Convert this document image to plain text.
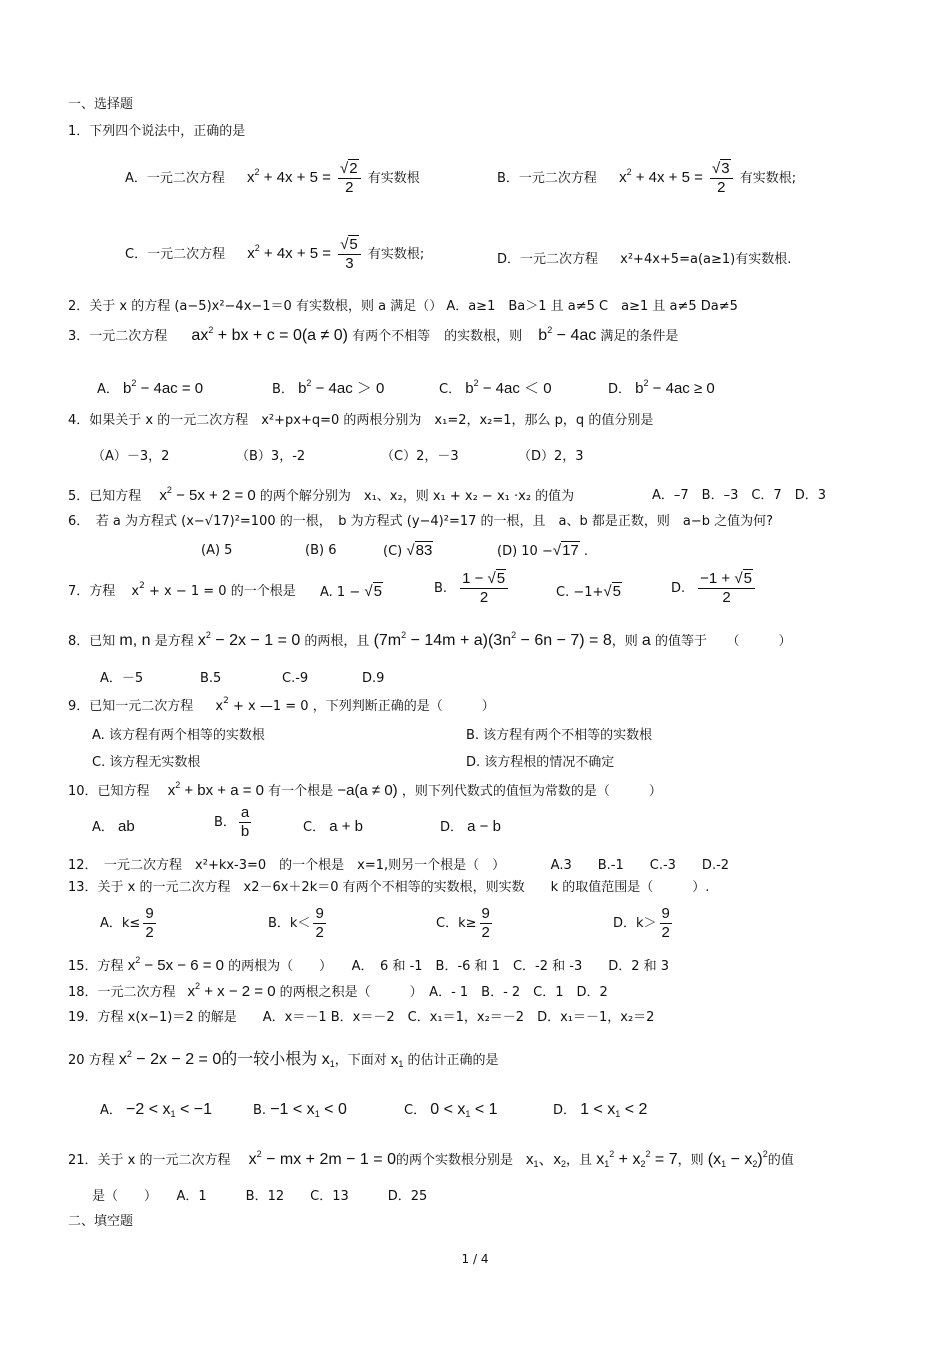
一、选择题
1．下列四个说法中，正确的是
A．一元二次方程 $x^2 + 4x + 5 = \frac{√2}{2}$ 有实数根	B．一元二次方程 $x^2 + 4x + 5 = \frac{√3}{2}$ 有实数根;
C．一元二次方程 $x^2 + 4x + 5 = \frac{√5}{3}$ 有实数根;	D．一元二次方程 x²+4x+5=a(a≥1)有实数根.
2．关于 x 的方程 (a−5)x²−4x−1＝0 有实数根，则 a 满足（） A．a≥1　Ba＞1 且 a≠5 C　a≥1 且 a≠5 Da≠5
3．一元二次方程 $ax^2$ + bx + c = 0(a ≠ 0) 有两个不相等 的实数根，则 $b^2 - 4ac$ 满足的条件是
A． $b^2 - 4ac = 0$	B． $b^2 - 4ac > 0$	C． $b^2 - 4ac < 0$	D． $b^2 - 4ac \ge 0$
4．如果关于 x 的一元二次方程　x²+px+q=0 的两根分别为　x₁=2，x₂=1，那么 p，q 的值分别是
（A）－3，2	（B）3，-2	（C）2，－3	（D）2，3
5．已知方程 $x^2 - 5x + 2 = 0$ 的两个解分别为　x₁、x₂，则 x₁ + x₂ − x₁ ·x₂ 的值为	A．–7　B．–3　C．7　D．3
6．　若 a 为方程式 (x−√17)²=100 的一根，　b 为方程式 (y−4)²=17 的一根，且　a、b 都是正数，则　a−b 之值为何?
(A) 5	(B) 6	(C) √83	(D) 10 −√17 .
7．方程 $x^2 + x - 1 = 0$ 的一个根是 A. 1 − √5	B. $\frac{1 - √5}{2}$	C. −1+√5	D. $\frac{-1 + √5}{2}$
8．已知 m, n 是方程 $x^2 - 2x - 1 = 0$ 的两根，且 $(7m^2 - 14m + a)(3n^2 - 6n - 7) = 8$，则 a 的值等于　　（　　　）
A．－5	B.5	C.-9	D.9
9．已知一元二次方程 $x^2 + x$ —1 = 0 ，下列判断正确的是（　　　）
A. 该方程有两个相等的实数根	B. 该方程有两个不相等的实数根
C. 该方程无实数根	D. 该方程根的情况不确定
10．已知方程 $x^2$ + bx + a = 0 有一个根是 −a(a ≠ 0) ，则下列代数式的值恒为常数的是（　　　）
A． ab	B． $\frac{a}{b}$	C． a + b	D． a − b
12．　一元二次方程　x²+kx-3=0　的一个根是　x=1,则另一个根是（　）　　　　A.3　　B.-1　　C.-3　　D.-2
13．关于 x 的一元二次方程　x2－6x＋2k＝0 有两个不相等的实数根，则实数　　k 的取值范围是（　　　）.
A．$k\le \frac{9}{2}$	B．$k< \frac{9}{2}$	C．$k\ge \frac{9}{2}$	D．$k> \frac{9}{2}$
15．方程 $x^2 - 5x - 6 = 0$ 的两根为（　　）　　A．　6 和 -1　B．-6 和 1　C．-2 和 -3　　D．2 和 3
18．一元二次方程 $x^2 + x - 2 = 0$ 的两根之积是（　　　）　A．- 1　B．- 2　C．1　D．2
19．方程 x(x−1)＝2 的解是　　A．x＝－1 B．x＝－2　C．x₁＝1，x₂＝－2　D．x₁＝－1，x₂＝2
20 方程 $x^2 - 2x - 2 = 0$的一较小根为 $x_1$，下面对 $x_1$ 的估计正确的是
A． $-2 < x_1 < -1$	B. $-1 < x_1 < 0$	C． $0 < x_1 < 1$	D． $1 < x_1 < 2$
21．关于 x 的一元二次方程 $x^2$ − mx + 2m − 1 = 0的两个实数根分别是　$x_1$、$x_2$，且 $x_1^2 + x_2^2 = 7$，则 $(x_1 - x_2)^2$的值
是（　　）　　A．1　　　B．12　　C．13　　　D．25
二、填空题
1 / 4
